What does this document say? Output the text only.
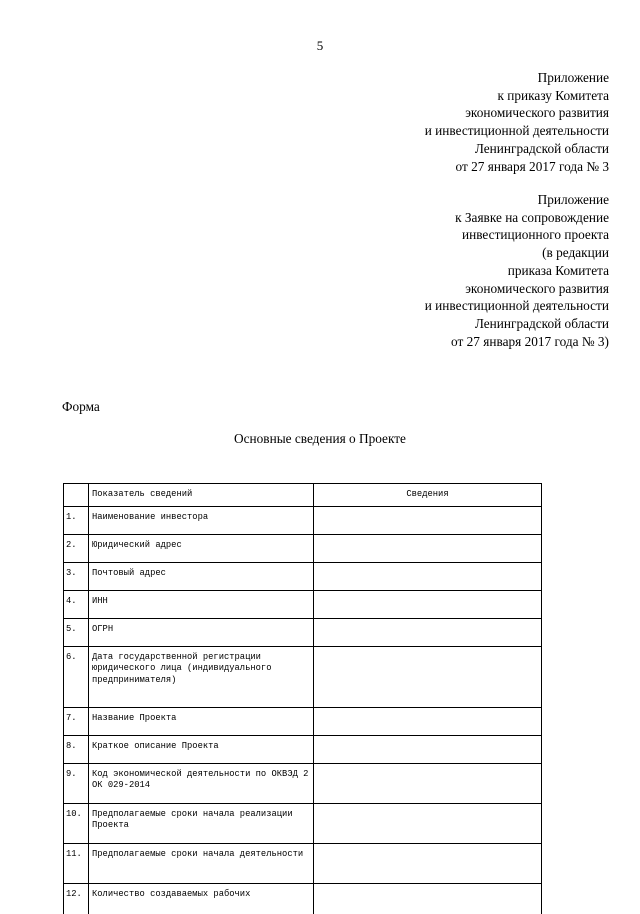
5
Приложение
к приказу Комитета
экономического развития
и инвестиционной деятельности
Ленинградской области
от 27 января 2017 года № 3
Приложение
к Заявке на сопровождение
инвестиционного проекта
(в редакции
приказа Комитета
экономического развития
и инвестиционной деятельности
Ленинградской области
от 27 января 2017 года № 3)
Форма
Основные сведения о Проекте
	Показатель сведений	Сведения
1.	Наименование инвестора	
2.	Юридический адрес	
3.	Почтовый адрес	
4.	ИНН	
5.	ОГРН	
6.	Дата государственной регистрации юридического лица (индивидуального предпринимателя)	
7.	Название Проекта	
8.	Краткое описание Проекта	
9.	Код экономической деятельности по ОКВЭД 2 ОК 029-2014	
10.	Предполагаемые сроки начала реализации Проекта	
11.	Предполагаемые сроки начала деятельности	
12.	Количество создаваемых рабочих	
